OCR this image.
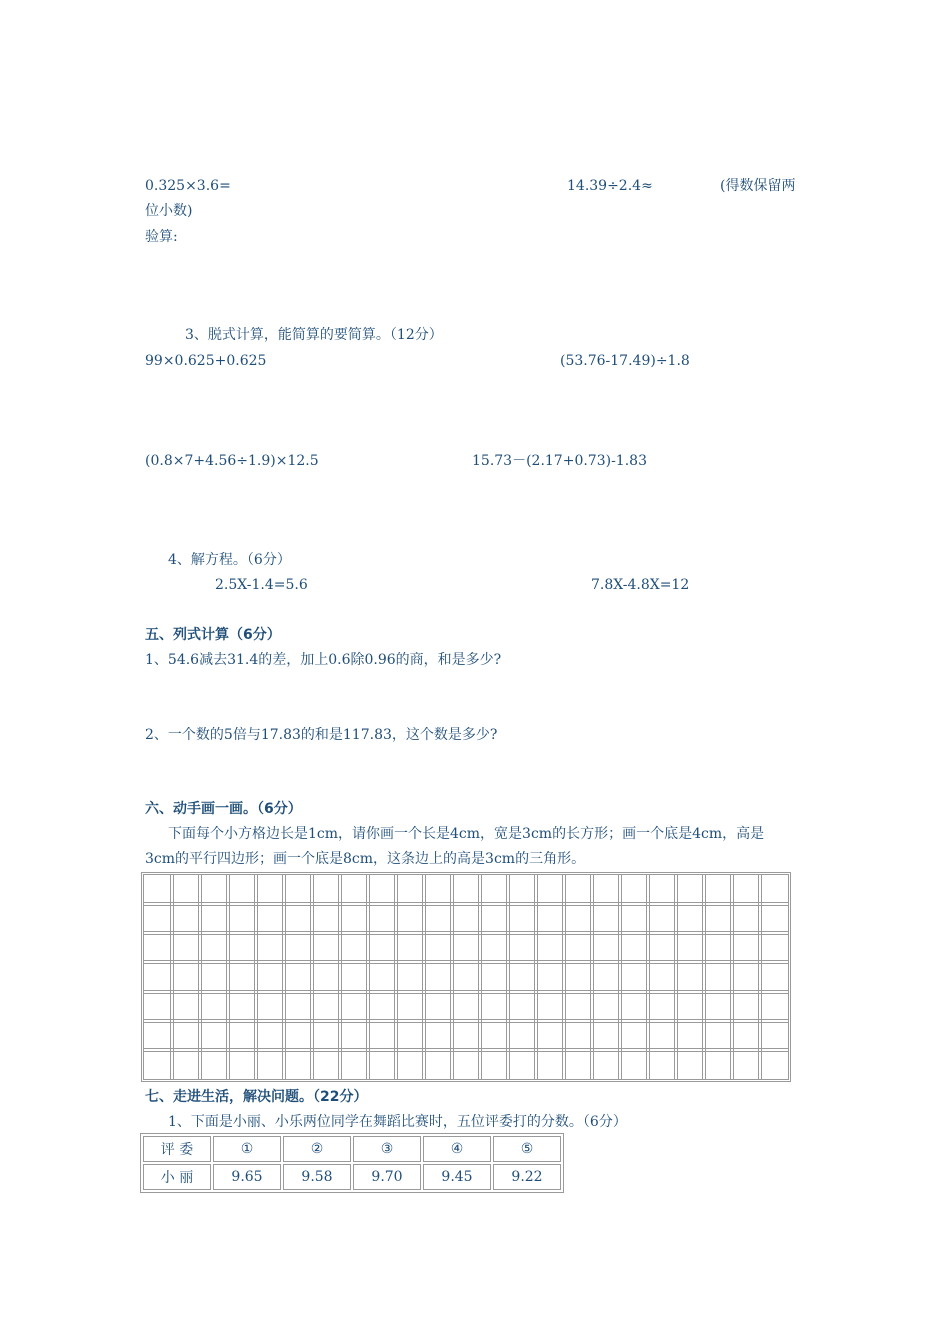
0.325×3.6=	14.39÷2.4≈	(得数保留两
位小数)
验算:
3、脱式计算，能简算的要简算。（12分）
99×0.625+0.625	(53.76-17.49)÷1.8
(0.8×7+4.56÷1.9)×12.5	15.73－(2.17+0.73)-1.83
4、解方程。（6分）
2.5X-1.4=5.6	7.8X-4.8X=12
五、列式计算（6分）
1、54.6减去31.4的差，加上0.6除0.96的商，和是多少?
2、一个数的5倍与17.83的和是117.83，这个数是多少?
六、动手画一画。（6分）
下面每个小方格边长是1cm，请你画一个长是4cm，宽是3cm的长方形；画一个底是4cm，高是
3cm的平行四边形；画一个底是8cm，这条边上的高是3cm的三角形。
七、走进生活，解决问题。（22分）
1、下面是小丽、小乐两位同学在舞蹈比赛时，五位评委打的分数。（6分）
评 委	①	②	③	④	⑤
小 丽	9.65	9.58	9.70	9.45	9.22
